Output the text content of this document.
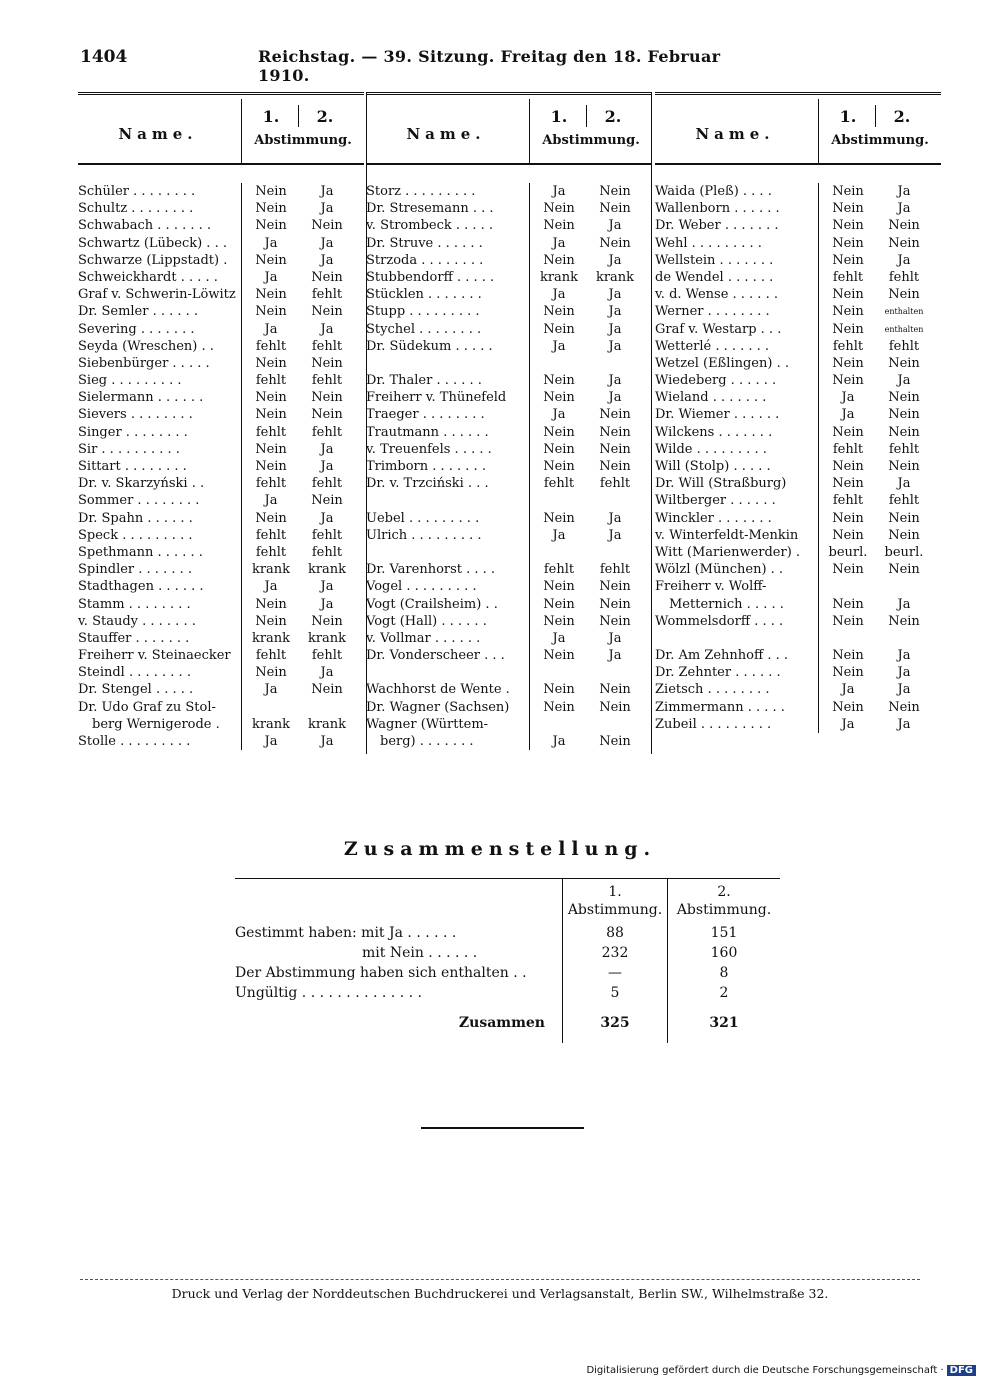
1404	Reichstag. — 39. Sitzung. Freitag den 18. Februar 1910.
Name.
1.	2.
Abstimmung.
Schüler . . . . . . . .	Nein	Ja
Schultz . . . . . . . .	Nein	Ja
Schwabach . . . . . . .	Nein	Nein
Schwartz (Lübeck) . . .	Ja	Ja
Schwarze (Lippstadt) .	Nein	Ja
Schweickhardt . . . . .	Ja	Nein
Graf v. Schwerin-Löwitz	Nein	fehlt
Dr. Semler . . . . . .	Nein	Nein
Severing . . . . . . .	Ja	Ja
Seyda (Wreschen) . .	fehlt	fehlt
Siebenbürger . . . . .	Nein	Nein
Sieg . . . . . . . . .	fehlt	fehlt
Sielermann . . . . . .	Nein	Nein
Sievers . . . . . . . .	Nein	Nein
Singer . . . . . . . .	fehlt	fehlt
Sir . . . . . . . . . .	Nein	Ja
Sittart . . . . . . . .	Nein	Ja
Dr. v. Skarzyński . .	fehlt	fehlt
Sommer . . . . . . . .	Ja	Nein
Dr. Spahn . . . . . .	Nein	Ja
Speck . . . . . . . . .	fehlt	fehlt
Spethmann . . . . . .	fehlt	fehlt
Spindler . . . . . . .	krank	krank
Stadthagen . . . . . .	Ja	Ja
Stamm . . . . . . . .	Nein	Ja
v. Staudy . . . . . . .	Nein	Nein
Stauffer . . . . . . .	krank	krank
Freiherr v. Steinaecker	fehlt	fehlt
Steindl . . . . . . . .	Nein	Ja
Dr. Stengel . . . . .	Ja	Nein
Dr. Udo Graf zu Stol-
berg Wernigerode .	krank	krank
Stolle . . . . . . . . .	Ja	Ja
Name.
1.	2.
Abstimmung.
Storz . . . . . . . . .	Ja	Nein
Dr. Stresemann . . .	Nein	Nein
v. Strombeck . . . . .	Nein	Ja
Dr. Struve . . . . . .	Ja	Nein
Strzoda . . . . . . . .	Nein	Ja
Stubbendorff . . . . .	krank	krank
Stücklen . . . . . . .	Ja	Ja
Stupp . . . . . . . . .	Nein	Ja
Stychel . . . . . . . .	Nein	Ja
Dr. Südekum . . . . .	Ja	Ja
Dr. Thaler . . . . . .	Nein	Ja
Freiherr v. Thünefeld	Nein	Ja
Traeger . . . . . . . .	Ja	Nein
Trautmann . . . . . .	Nein	Nein
v. Treuenfels . . . . .	Nein	Nein
Trimborn . . . . . . .	Nein	Nein
Dr. v. Trzciński . . .	fehlt	fehlt
Uebel . . . . . . . . .	Nein	Ja
Ulrich . . . . . . . . .	Ja	Ja
Dr. Varenhorst . . . .	fehlt	fehlt
Vogel . . . . . . . . .	Nein	Nein
Vogt (Crailsheim) . .	Nein	Nein
Vogt (Hall) . . . . . .	Nein	Nein
v. Vollmar . . . . . .	Ja	Ja
Dr. Vonderscheer . . .	Nein	Ja
Wachhorst de Wente .	Nein	Nein
Dr. Wagner (Sachsen)	Nein	Nein
Wagner (Württem-
berg) . . . . . . .	Ja	Nein
Name.
1.	2.
Abstimmung.
Waida (Pleß) . . . .	Nein	Ja
Wallenborn . . . . . .	Nein	Ja
Dr. Weber . . . . . . .	Nein	Nein
Wehl . . . . . . . . .	Nein	Nein
Wellstein . . . . . . .	Nein	Ja
de Wendel . . . . . .	fehlt	fehlt
v. d. Wense . . . . . .	Nein	Nein
Werner . . . . . . . .	Nein	enthalten
Graf v. Westarp . . .	Nein	enthalten
Wetterlé . . . . . . .	fehlt	fehlt
Wetzel (Eßlingen) . .	Nein	Nein
Wiedeberg . . . . . .	Nein	Ja
Wieland . . . . . . .	Ja	Nein
Dr. Wiemer . . . . . .	Ja	Nein
Wilckens . . . . . . .	Nein	Nein
Wilde . . . . . . . . .	fehlt	fehlt
Will (Stolp) . . . . .	Nein	Nein
Dr. Will (Straßburg)	Nein	Ja
Wiltberger . . . . . .	fehlt	fehlt
Winckler . . . . . . .	Nein	Nein
v. Winterfeldt-Menkin	Nein	Nein
Witt (Marienwerder) .	beurl.	beurl.
Wölzl (München) . .	Nein	Nein
Freiherr v. Wolff-
Metternich . . . . .	Nein	Ja
Wommelsdorff . . . .	Nein	Nein
Dr. Am Zehnhoff . . .	Nein	Ja
Dr. Zehnter . . . . . .	Nein	Ja
Zietsch . . . . . . . .	Ja	Ja
Zimmermann . . . . .	Nein	Nein
Zubeil . . . . . . . . .	Ja	Ja
Zusammenstellung.
1.
Abstimmung.
2.
Abstimmung.
Gestimmt haben: mit Ja . . . . . .	88	151
mit Nein . . . . . .	232	160
Der Abstimmung haben sich enthalten . .	—	8
Ungültig . . . . . . . . . . . . . .	5	2
Zusammen	325	321
Druck und Verlag der Norddeutschen Buchdruckerei und Verlagsanstalt, Berlin SW., Wilhelmstraße 32.
Digitalisierung gefördert durch die Deutsche Forschungsgemeinschaft · DFG
